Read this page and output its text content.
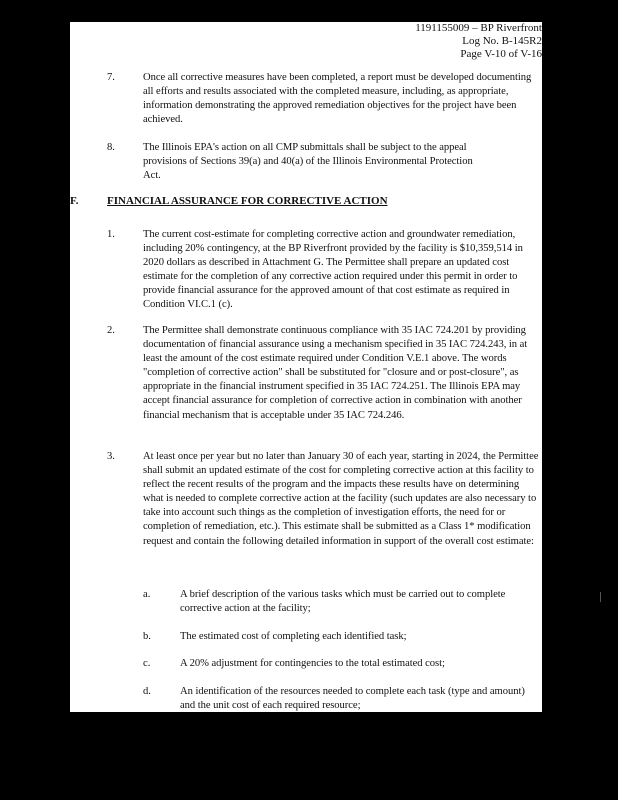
1191155009 – BP Riverfront
Log No. B-145R2
Page V-10 of V-16
7.	Once all corrective measures have been completed, a report must be developed documenting all efforts and results associated with the completed measure, including, as appropriate, information demonstrating the approved remediation objectives for the project have been achieved.

8.	The Illinois EPA's action on all CMP submittals shall be subject to the appeal provisions of Sections 39(a) and 40(a) of the Illinois Environmental Protection Act.

F.	FINANCIAL ASSURANCE FOR CORRECTIVE ACTION
1.	The current cost-estimate for completing corrective action and groundwater remediation, including 20% contingency, at the BP Riverfront provided by the facility is $10,359,514 in 2020 dollars as described in Attachment G. The Permittee shall prepare an updated cost estimate for the completion of any corrective action required under this permit in order to provide financial assurance for the approved amount of that cost estimate as required in Condition VI.C.1 (c).

2.	The Permittee shall demonstrate continuous compliance with 35 IAC 724.201 by providing documentation of financial assurance using a mechanism specified in 35 IAC 724.243, in at least the amount of the cost estimate required under Condition V.E.1 above. The words "completion of corrective action" shall be substituted for "closure and or post-closure", as appropriate in the financial instrument specified in 35 IAC 724.251. The Illinois EPA may accept financial assurance for completion of corrective action in combination with another financial mechanism that is acceptable under 35 IAC 724.246.

3.	At least once per year but no later than January 30 of each year, starting in 2024, the Permittee shall submit an updated estimate of the cost for completing corrective action at this facility to reflect the recent results of the program and the impacts these results have on determining what is needed to complete corrective action at the facility (such updates are also necessary to take into account such things as the completion of investigation efforts, the need for or completion of remediation, etc.). This estimate shall be submitted as a Class 1* modification request and contain the following detailed information in support of the overall cost estimate:

a.	A brief description of the various tasks which must be carried out to complete corrective action at the facility;

b.	The estimated cost of completing each identified task;

c.	A 20% adjustment for contingencies to the total estimated cost;

d.	An identification of the resources needed to complete each task (type and amount) and the unit cost of each required resource;
